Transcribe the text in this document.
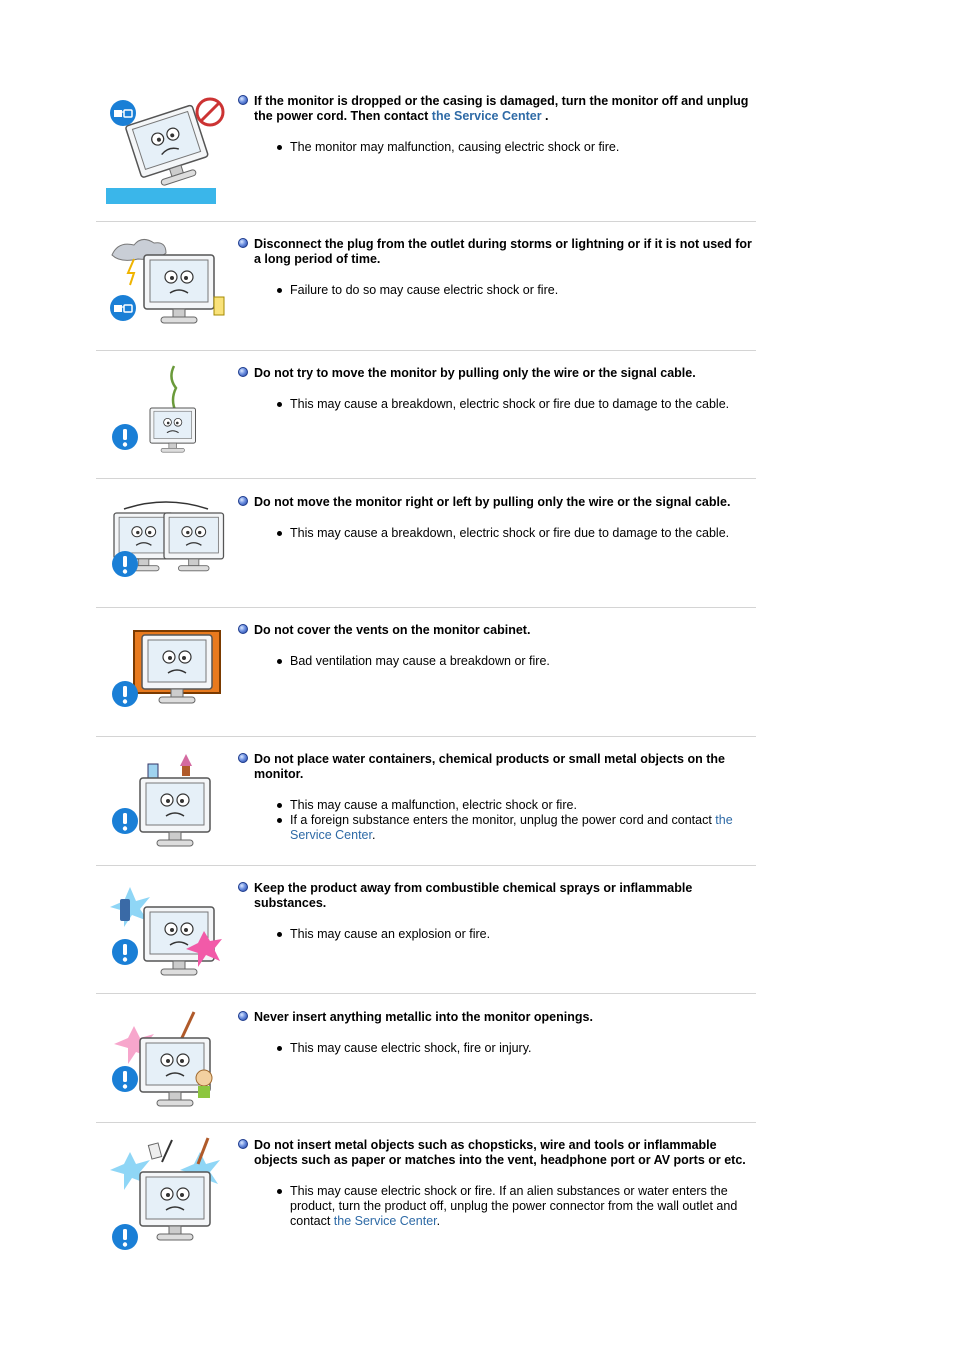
If the monitor is dropped or the casing is damaged, turn the monitor off and unplug the power cord. Then contact the Service Center .
The monitor may malfunction, causing electric shock or fire.
Disconnect the plug from the outlet during storms or lightning or if it is not used for a long period of time.
Failure to do so may cause electric shock or fire.
Do not try to move the monitor by pulling only the wire or the signal cable.
This may cause a breakdown, electric shock or fire due to damage to the cable.
Do not move the monitor right or left by pulling only the wire or the signal cable.
This may cause a breakdown, electric shock or fire due to damage to the cable.
Do not cover the vents on the monitor cabinet.
Bad ventilation may cause a breakdown or fire.
Do not place water containers, chemical products or small metal objects on the monitor.
This may cause a malfunction, electric shock or fire.
If a foreign substance enters the monitor, unplug the power cord and contact the Service Center.
Keep the product away from combustible chemical sprays or inflammable substances.
This may cause an explosion or fire.
Never insert anything metallic into the monitor openings.
This may cause electric shock, fire or injury.
Do not insert metal objects such as chopsticks, wire and tools or inflammable objects such as paper or matches into the vent, headphone port or AV ports or etc.
This may cause electric shock or fire. If an alien substances or water enters the product, turn the product off, unplug the power connector from the wall outlet and contact the Service Center.
